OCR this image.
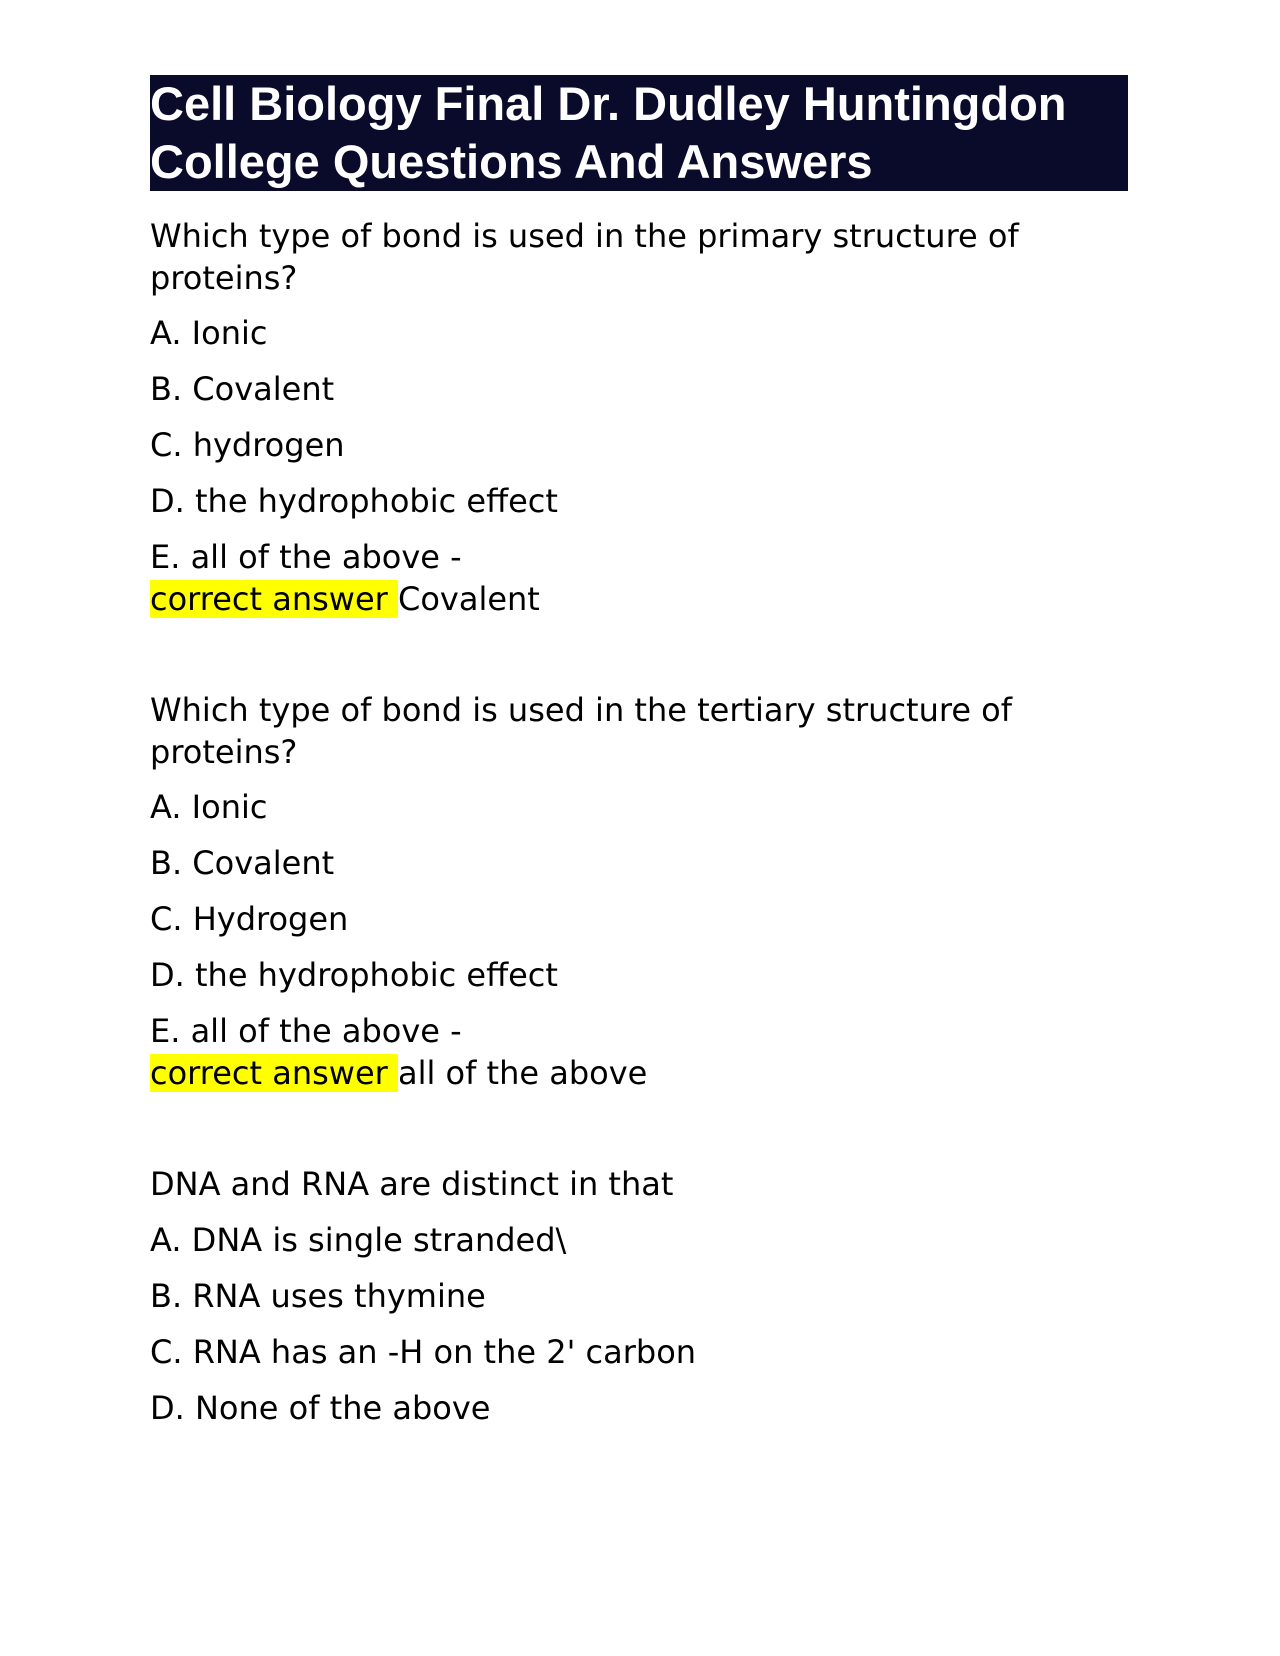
Cell Biology Final Dr. Dudley Huntingdon
College Questions And Answers
Which type of bond is used in the primary structure of
proteins?
A. Ionic
B. Covalent
C. hydrogen
D. the hydrophobic effect
E. all of the above -
correct answer Covalent
Which type of bond is used in the tertiary structure of
proteins?
A. Ionic
B. Covalent
C. Hydrogen
D. the hydrophobic effect
E. all of the above -
correct answer all of the above
DNA and RNA are distinct in that
A. DNA is single stranded\
B. RNA uses thymine
C. RNA has an -H on the 2' carbon
D. None of the above
